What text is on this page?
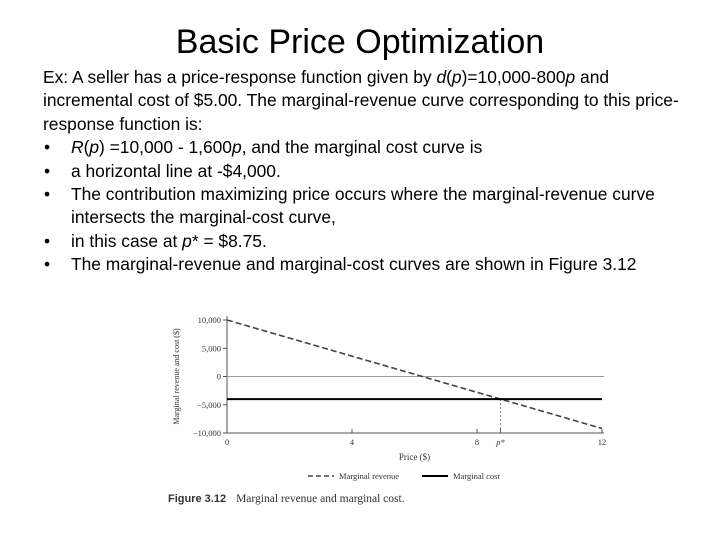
Basic Price Optimization

Ex: A seller has a price-response function given by d(p)=10,000-800p and incremental cost of $5.00. The marginal-revenue curve corresponding to this price-response function is:

• R(p) =10,000 - 1,600p, and the marginal cost curve is
• a horizontal line at -$4,000.
• The contribution maximizing price occurs where the marginal-revenue curve intersects the marginal-cost curve,
• in this case at p* = $8.75.
• The marginal-revenue and marginal-cost curves are shown in Figure 3.12
10,000
5,000
0
−5,000
−10,000
0	4	8 p*	12
Price ($)
Marginal revenue and cost ($)
Marginal revenue	Marginal cost
Figure 3.12 Marginal revenue and marginal cost.
